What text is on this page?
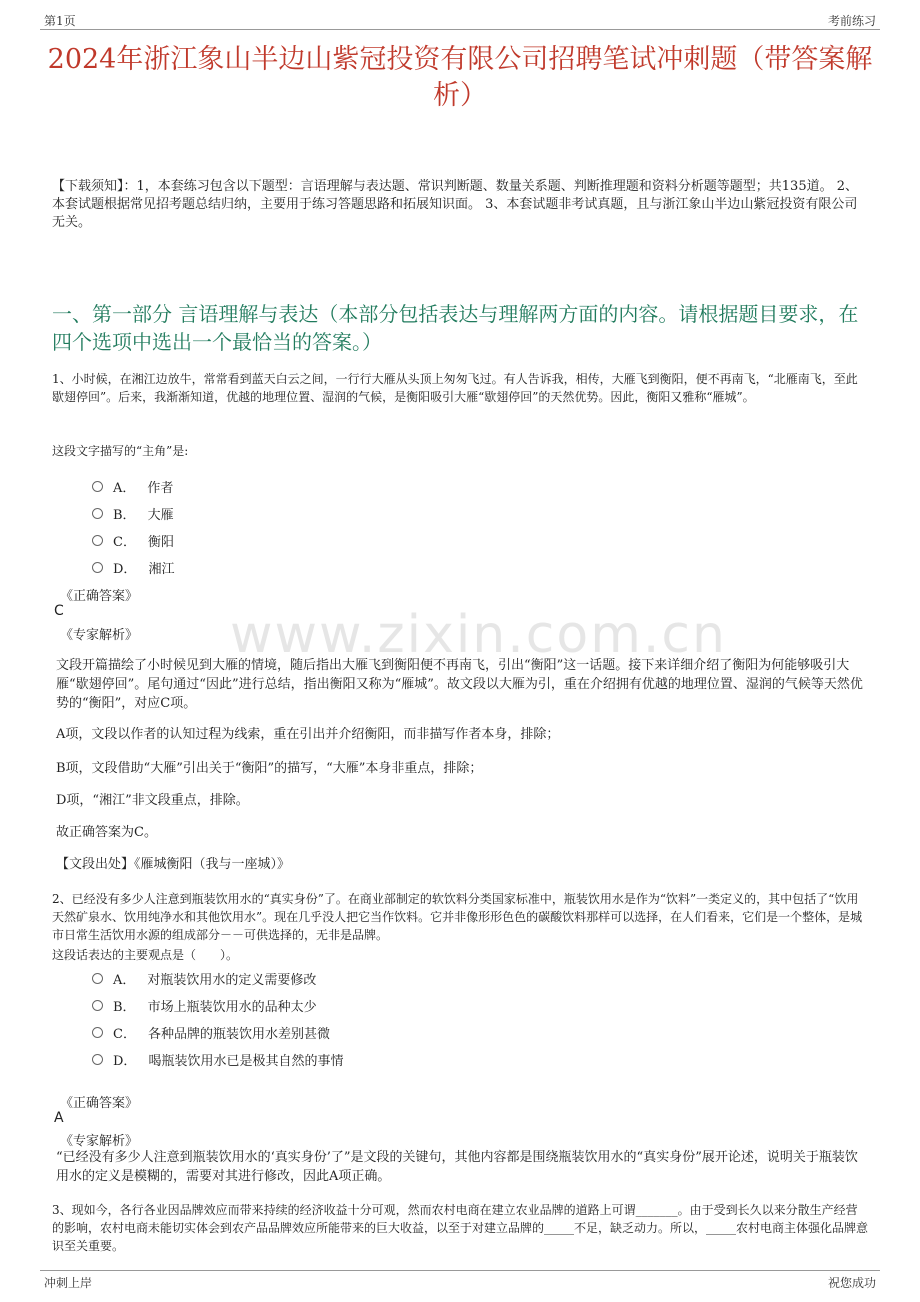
第1页	考前练习
2024年浙江象山半边山紫冠投资有限公司招聘笔试冲刺题（带答案解析）
【下载须知】：1，本套练习包含以下题型：言语理解与表达题、常识判断题、数量关系题、判断推理题和资料分析题等题型；共135道。 2、本套试题根据常见招考题总结归纳，主要用于练习答题思路和拓展知识面。 3、本套试题非考试真题，且与浙江象山半边山紫冠投资有限公司无关。
一、第一部分 言语理解与表达（本部分包括表达与理解两方面的内容。请根据题目要求，在四个选项中选出一个最恰当的答案。）
1、小时候，在湘江边放牛，常常看到蓝天白云之间，一行行大雁从头顶上匆匆飞过。有人告诉我，相传，大雁飞到衡阳，便不再南飞，“北雁南飞，至此歇翅停回”。后来，我渐渐知道，优越的地理位置、湿润的气候，是衡阳吸引大雁“歇翅停回”的天然优势。因此，衡阳又雅称“雁城”。
这段文字描写的“主角”是:
A． 作者
B． 大雁
C． 衡阳
D． 湘江
《正确答案》
C
《专家解析》 www.zixin.com.cn
文段开篇描绘了小时候见到大雁的情境，随后指出大雁飞到衡阳便不再南飞，引出“衡阳”这一话题。接下来详细介绍了衡阳为何能够吸引大雁“歇翅停回”。尾句通过“因此”进行总结，指出衡阳又称为“雁城”。故文段以大雁为引，重在介绍拥有优越的地理位置、湿润的气候等天然优势的“衡阳”，对应C项。
A项，文段以作者的认知过程为线索，重在引出并介绍衡阳，而非描写作者本身，排除；
B项，文段借助“大雁”引出关于“衡阳”的描写，“大雁”本身非重点，排除；
D项，“湘江”非文段重点，排除。
故正确答案为C。
【文段出处】《雁城衡阳（我与一座城）》
2、已经没有多少人注意到瓶装饮用水的“真实身份”了。在商业部制定的软饮料分类国家标准中，瓶装饮用水是作为“饮料”一类定义的，其中包括了“饮用天然矿泉水、饮用纯净水和其他饮用水”。现在几乎没人把它当作饮料。它并非像形形色色的碳酸饮料那样可以选择，在人们看来，它们是一个整体，是城市日常生活饮用水源的组成部分－－可供选择的，无非是品牌。
这段话表达的主要观点是（　　）。
A． 对瓶装饮用水的定义需要修改
B． 市场上瓶装饮用水的品种太少
C． 各种品牌的瓶装饮用水差别甚微
D． 喝瓶装饮用水已是极其自然的事情
《正确答案》
A
《专家解析》
“已经没有多少人注意到瓶装饮用水的‘真实身份’了”是文段的关键句，其他内容都是围绕瓶装饮用水的“真实身份”展开论述，说明关于瓶装饮用水的定义是模糊的，需要对其进行修改，因此A项正确。
3、现如今，各行各业因品牌效应而带来持续的经济收益十分可观，然而农村电商在建立农业品牌的道路上可谓_______。由于受到长久以来分散生产经营的影响，农村电商未能切实体会到农产品品牌效应所能带来的巨大收益，以至于对建立品牌的_____不足，缺乏动力。所以，_____农村电商主体强化品牌意识至关重要。
冲刺上岸	祝您成功
